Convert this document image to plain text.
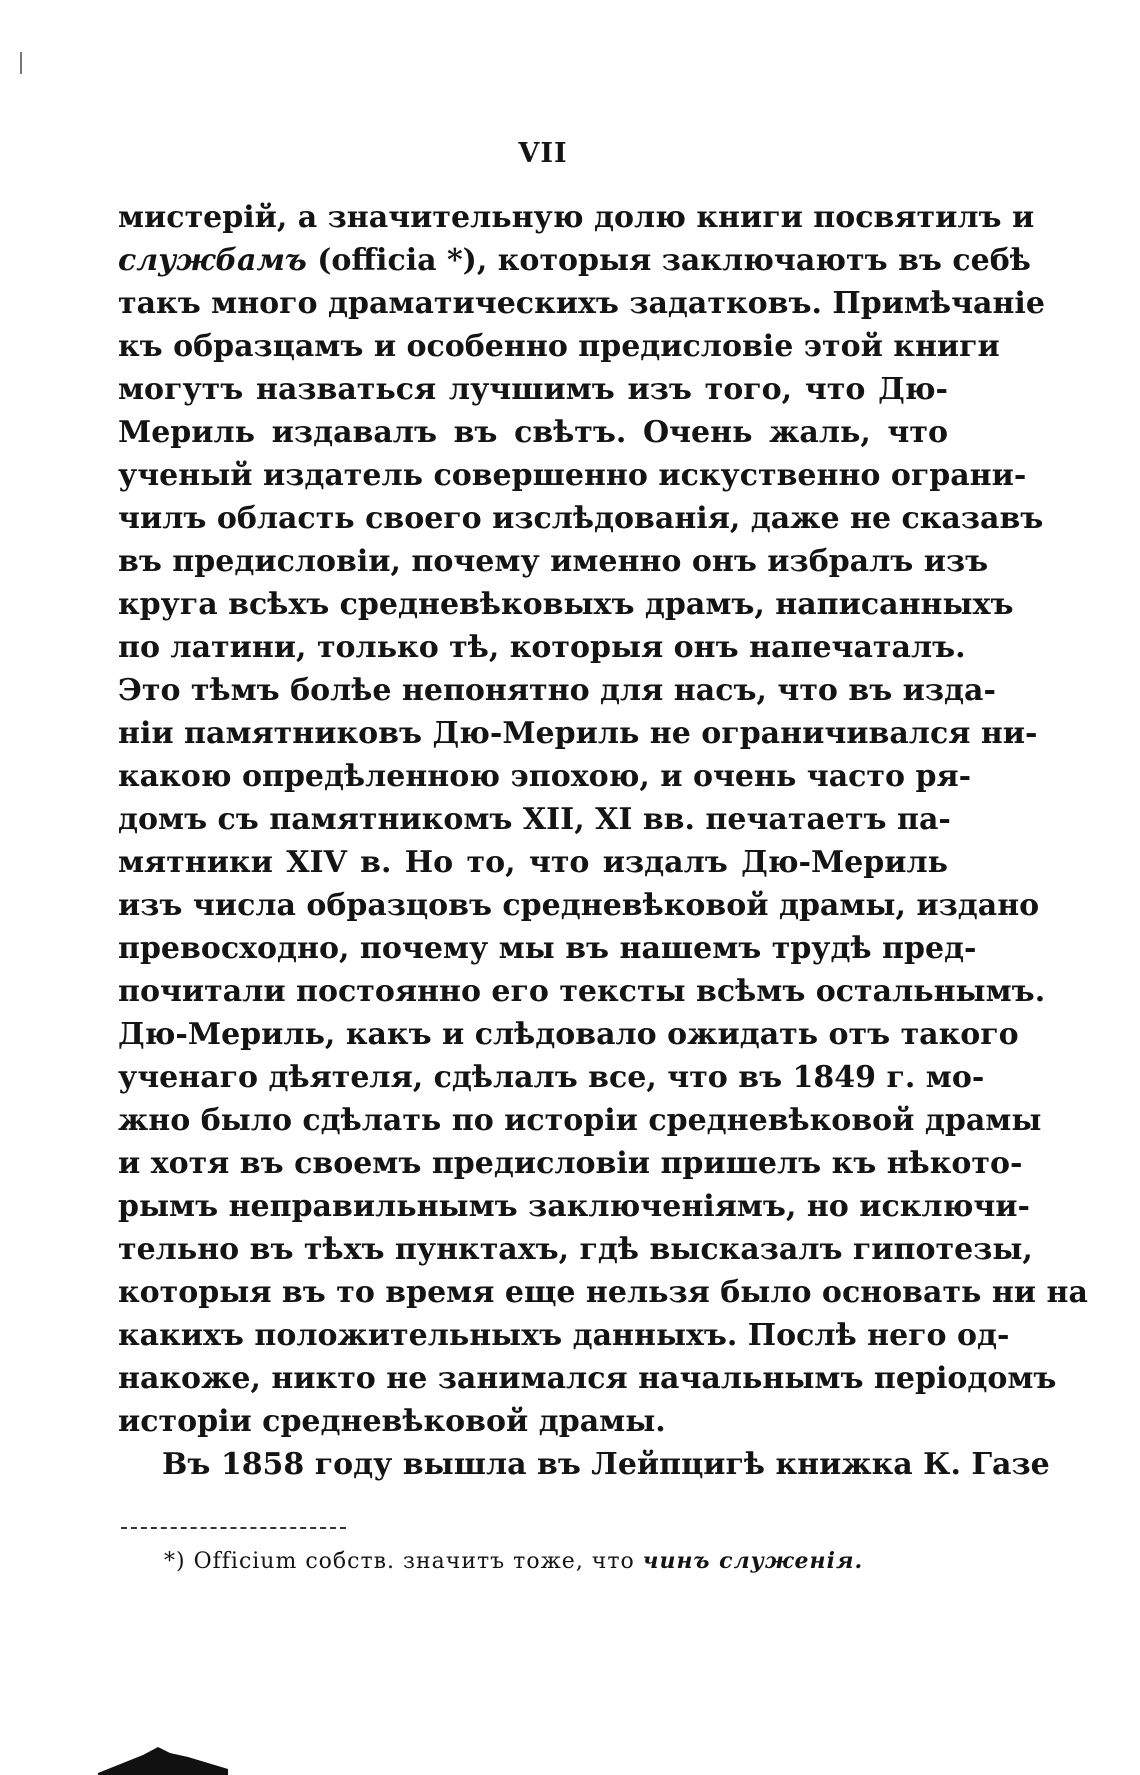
VII
мистерій, а значительную долю книги посвятилъ и
службамъ (officia *), которыя заключаютъ въ себѣ
такъ много драматическихъ задатковъ. Примѣчаніе
къ образцамъ и особенно предисловіе этой книги
могутъ назваться лучшимъ изъ того, что Дю-
Мериль издавалъ въ свѣтъ. Очень жаль, что
ученый издатель совершенно искуственно ограни-
чилъ область своего изслѣдованія, даже не сказавъ
въ предисловіи, почему именно онъ избралъ изъ
круга всѣхъ средневѣковыхъ драмъ, написанныхъ
по латини, только тѣ, которыя онъ напечаталъ.
Это тѣмъ болѣе непонятно для насъ, что въ изда-
ніи памятниковъ Дю-Мериль не ограничивался ни-
какою опредѣленною эпохою, и очень часто ря-
домъ съ памятникомъ XII, XI вв. печатаетъ па-
мятники XIV в. Но то, что издалъ Дю-Мериль
изъ числа образцовъ средневѣковой драмы, издано
превосходно, почему мы въ нашемъ трудѣ пред-
почитали постоянно его тексты всѣмъ остальнымъ.
Дю-Мериль, какъ и слѣдовало ожидать отъ такого
ученаго дѣятеля, сдѣлалъ все, что въ 1849 г. мо-
жно было сдѣлать по исторіи средневѣковой драмы
и хотя въ своемъ предисловіи пришелъ къ нѣкото-
рымъ неправильнымъ заключеніямъ, но исключи-
тельно въ тѣхъ пунктахъ, гдѣ высказалъ гипотезы,
которыя въ то время еще нельзя было основать ни на
какихъ положительныхъ данныхъ. Послѣ него од-
накоже, никто не занимался начальнымъ періодомъ
исторіи средневѣковой драмы.
Въ 1858 году вышла въ Лейпцигѣ книжка К. Газе
*) Officium собств. значитъ тоже, что чинъ служенія.
